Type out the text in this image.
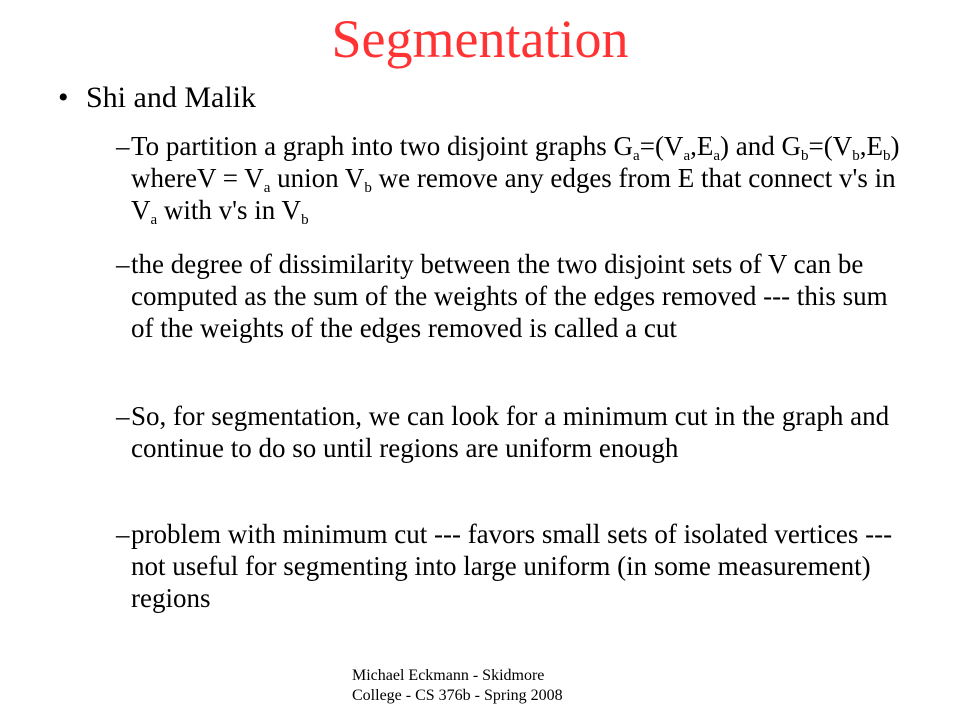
Segmentation
• Shi and Malik
– To partition a graph into two disjoint graphs $G_a=(V_a,E_a)$ and $G_b=(V_b,E_b)$ whereV = $V_a$ union $V_b$ we remove any edges from E that connect v's in $V_a$ with v's in $V_b$
– the degree of dissimilarity between the two disjoint sets of V can be computed as the sum of the weights of the edges removed --- this sum of the weights of the edges removed is called a cut
– So, for segmentation, we can look for a minimum cut in the graph and continue to do so until regions are uniform enough
– problem with minimum cut --- favors small sets of isolated vertices --- not useful for segmenting into large uniform (in some measurement) regions
Michael Eckmann - Skidmore
College - CS 376b - Spring 2008
